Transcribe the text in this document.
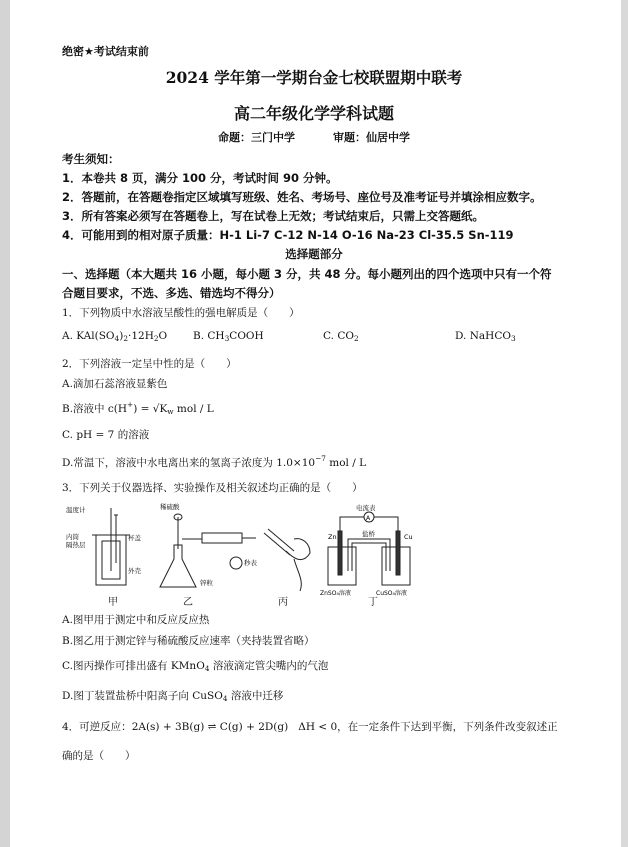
绝密★考试结束前
2024 学年第一学期台金七校联盟期中联考
高二年级化学学科试题
命题：三门中学	审题：仙居中学
考生须知：
1．本卷共 8 页，满分 100 分，考试时间 90 分钟。
2．答题前，在答题卷指定区域填写班级、姓名、考场号、座位号及准考证号并填涂相应数字。
3．所有答案必须写在答题卷上，写在试卷上无效；考试结束后，只需上交答题纸。
4．可能用到的相对原子质量：H-1 Li-7 C-12 N-14 O-16 Na-23 Cl-35.5 Sn-119
选择题部分
一、选择题（本大题共 16 小题，每小题 3 分，共 48 分。每小题列出的四个选项中只有一个符
合题目要求，不选、多选、错选均不得分）
1．下列物质中水溶液呈酸性的强电解质是（　　）
A. $KAl(SO_4)_2\cdot 12H_2O$ B. $CH_3COOH$	C. $CO_2$	D. NaHCO$_3$
2．下列溶液一定呈中性的是（　　）
A.滴加石蕊溶液显紫色
B.溶液中 $c(H^+) = √K_w$ mol / L
C. pH = 7 的溶液
D.常温下，溶液中水电离出来的氢离子浓度为 $1.0\times 10^{-7}$ mol / L
3．下列关于仪器选择、实验操作及相关叙述均正确的是（　　）
温度计
内筒
隔热层
杯盖
外壳
稀硫酸
秒表
锌粒
A
电流表
盐桥
Zn	Cu
ZnSO₄溶液	CuSO₄溶液
甲	乙	丙	丁
A.图甲用于测定中和反应反应热
B.图乙用于测定锌与稀硫酸反应速率（夹持装置省略）
C.图丙操作可排出盛有 KMnO$_4$ 溶液滴定管尖嘴内的气泡
D.图丁装置盐桥中阳离子向 CuSO$_4$ 溶液中迁移
4．可逆反应：2A(s) + 3B(g) ⇌ C(g) + 2D(g) ΔH < 0，在一定条件下达到平衡，下列条件改变叙述正
确的是（　　）
